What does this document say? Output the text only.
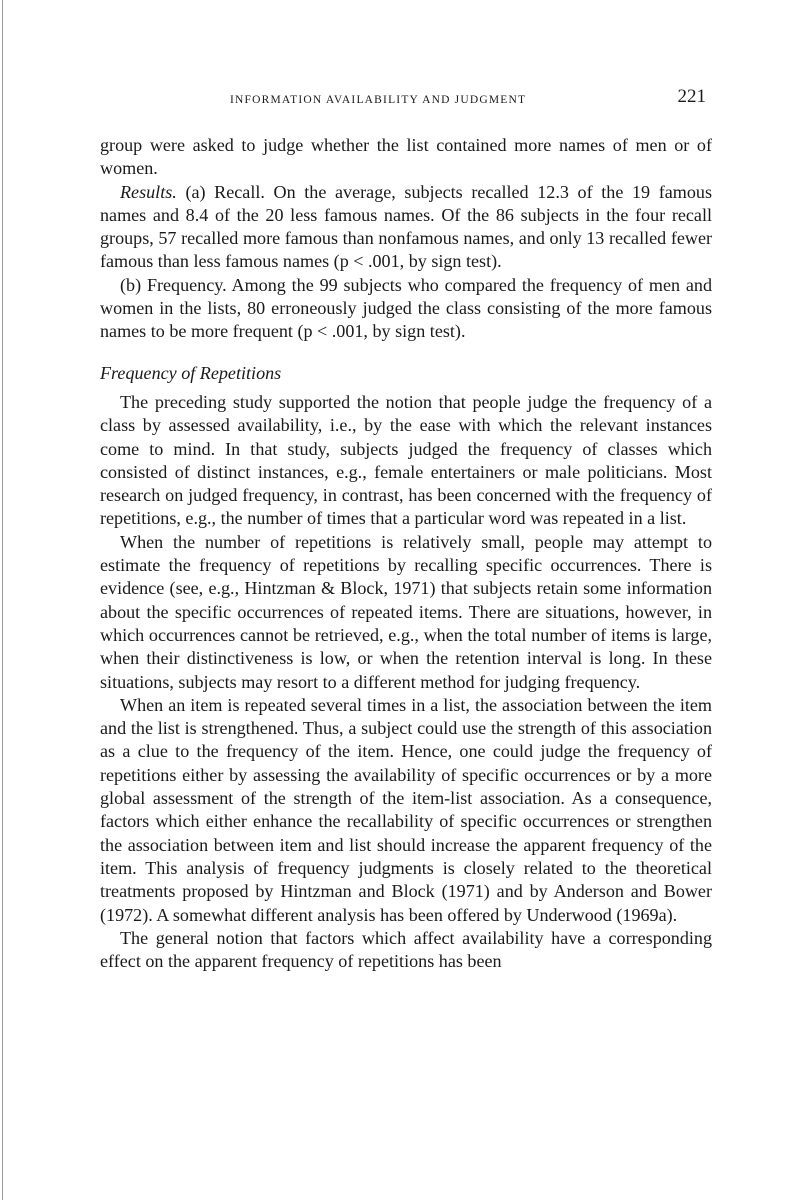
INFORMATION AVAILABILITY AND JUDGMENT	221

group were asked to judge whether the list contained more names of men or of women.

Results. (a) Recall. On the average, subjects recalled 12.3 of the 19 famous names and 8.4 of the 20 less famous names. Of the 86 subjects in the four recall groups, 57 recalled more famous than nonfamous names, and only 13 recalled fewer famous than less famous names (p < .001, by sign test).

(b) Frequency. Among the 99 subjects who compared the frequency of men and women in the lists, 80 erroneously judged the class consisting of the more famous names to be more frequent (p < .001, by sign test).

Frequency of Repetitions

The preceding study supported the notion that people judge the frequency of a class by assessed availability, i.e., by the ease with which the relevant instances come to mind. In that study, subjects judged the frequency of classes which consisted of distinct instances, e.g., female entertainers or male politicians. Most research on judged frequency, in contrast, has been concerned with the frequency of repetitions, e.g., the number of times that a particular word was repeated in a list.

When the number of repetitions is relatively small, people may attempt to estimate the frequency of repetitions by recalling specific occurrences. There is evidence (see, e.g., Hintzman & Block, 1971) that subjects retain some information about the specific occurrences of repeated items. There are situations, however, in which occurrences cannot be retrieved, e.g., when the total number of items is large, when their distinctiveness is low, or when the retention interval is long. In these situations, subjects may resort to a different method for judging frequency.

When an item is repeated several times in a list, the association between the item and the list is strengthened. Thus, a subject could use the strength of this association as a clue to the frequency of the item. Hence, one could judge the frequency of repetitions either by assessing the availability of specific occurrences or by a more global assessment of the strength of the item-list association. As a consequence, factors which either enhance the recallability of specific occurrences or strengthen the association between item and list should increase the apparent frequency of the item. This analysis of frequency judgments is closely related to the theoretical treatments proposed by Hintzman and Block (1971) and by Anderson and Bower (1972). A somewhat different analysis has been offered by Underwood (1969a).

The general notion that factors which affect availability have a corresponding effect on the apparent frequency of repetitions has been
